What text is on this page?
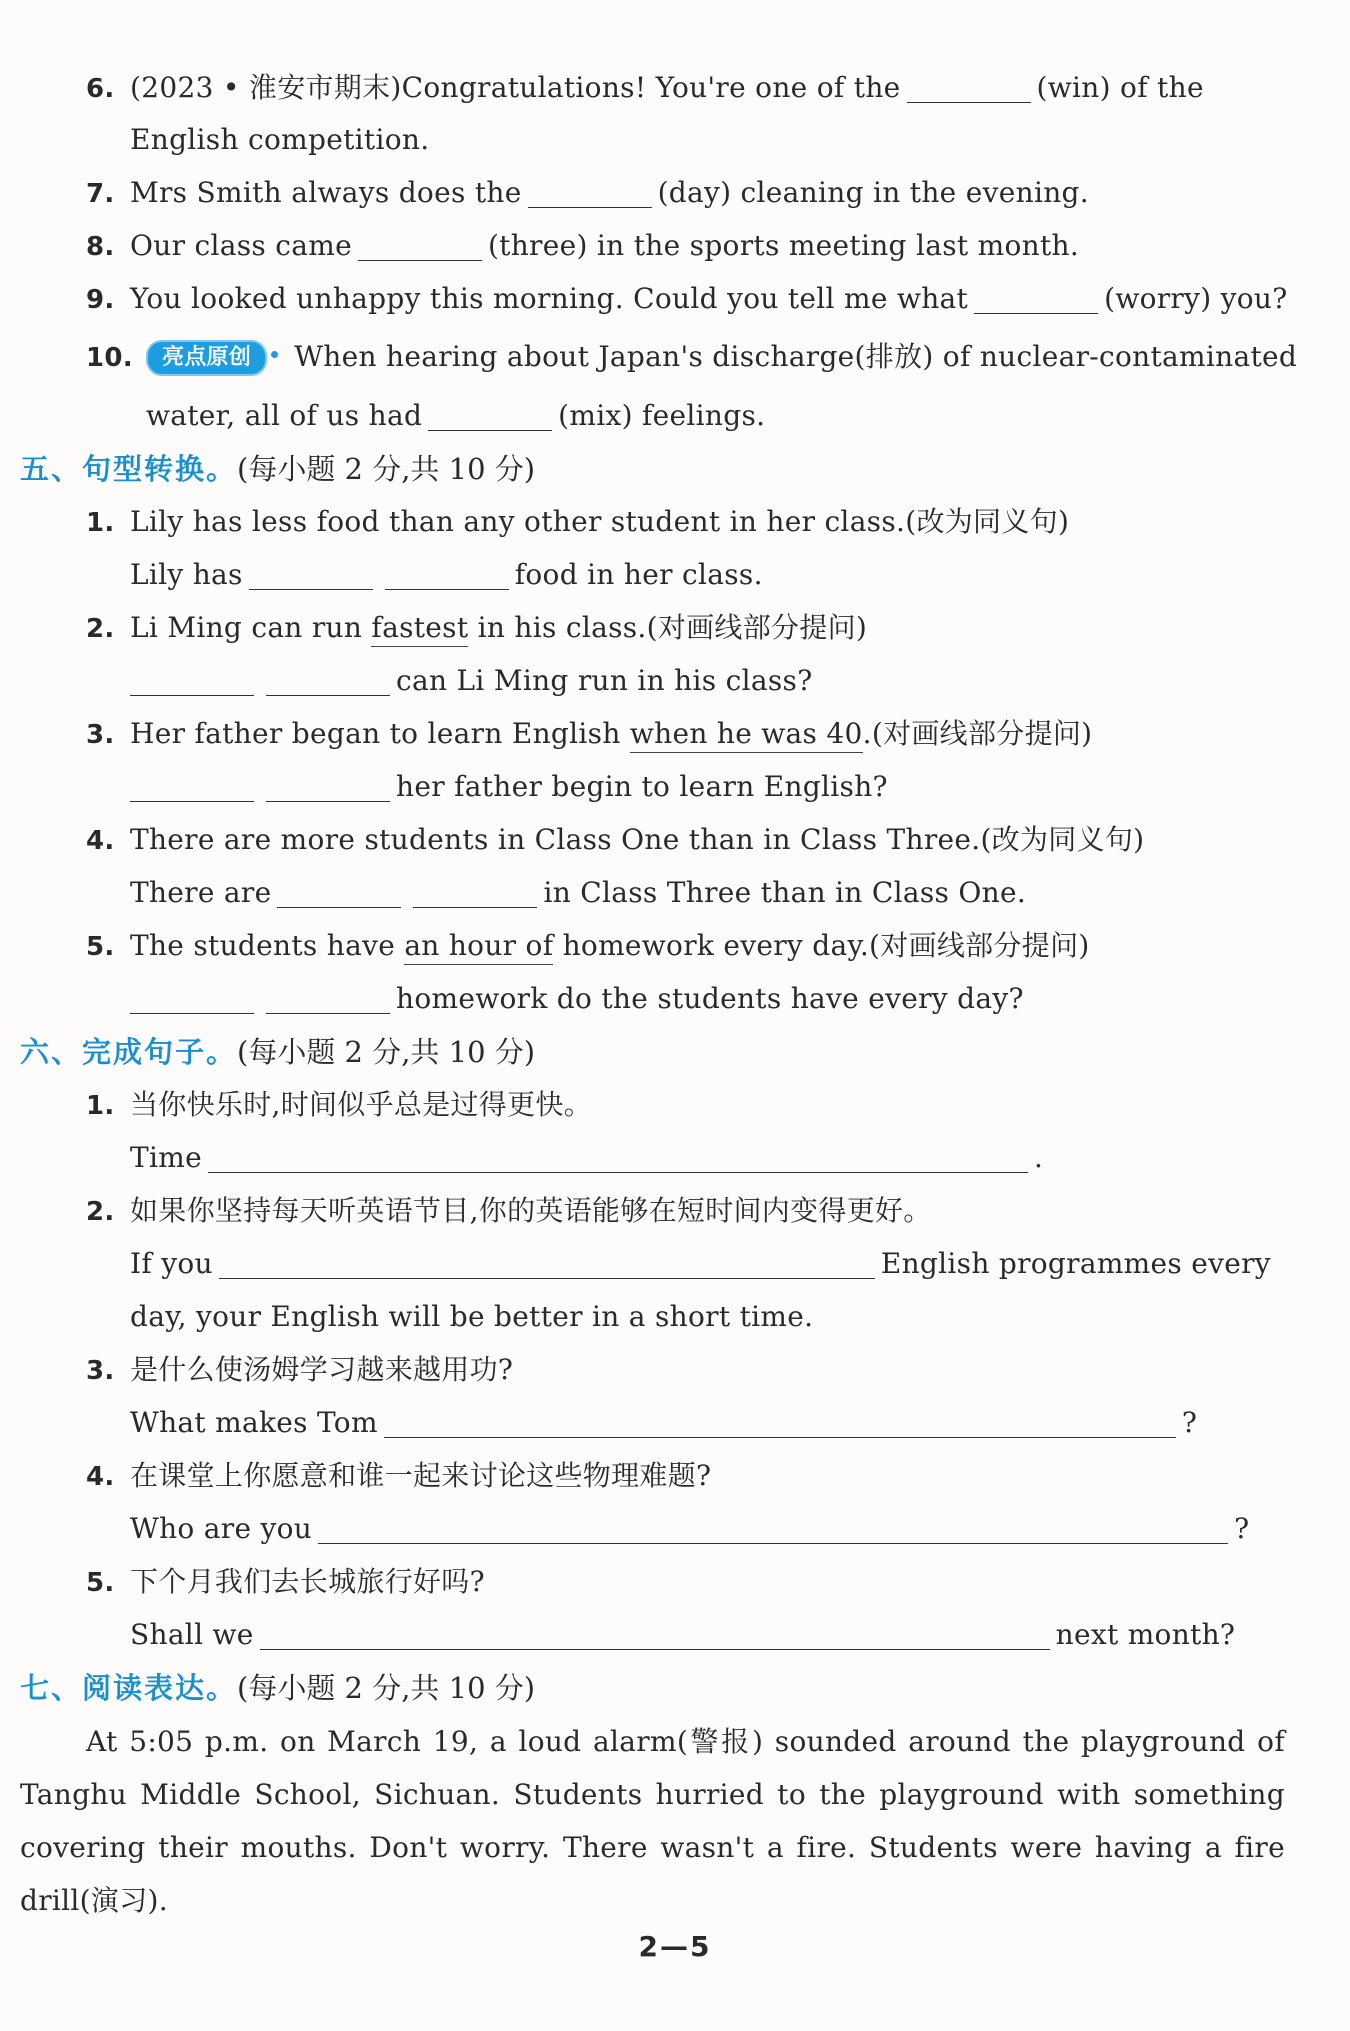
6. (2023 • 淮安市期末)Congratulations! You're one of the	(win) of the
English competition.
7. Mrs Smith always does the	(day) cleaning in the evening.
8. Our class came	(three) in the sports meeting last month.
9. You looked unhappy this morning. Could you tell me what	(worry) you?
10. 亮点原创 When hearing about Japan's discharge(排放) of nuclear-contaminated
water, all of us had	(mix) feelings.
五、句型转换。(每小题 2 分,共 10 分)
1. Lily has less food than any other student in her class.(改为同义句)
Lily has	food in her class.
2. Li Ming can run fastest in his class.(对画线部分提问)
can Li Ming run in his class?
3. Her father began to learn English when he was 40.(对画线部分提问)
her father begin to learn English?
4. There are more students in Class One than in Class Three.(改为同义句)
There are	in Class Three than in Class One.
5. The students have an hour of homework every day.(对画线部分提问)
homework do the students have every day?
六、完成句子。(每小题 2 分,共 10 分)
1. 当你快乐时,时间似乎总是过得更快。
Time	.
2. 如果你坚持每天听英语节目,你的英语能够在短时间内变得更好。
If you	English programmes every
day, your English will be better in a short time.
3. 是什么使汤姆学习越来越用功?
What makes Tom	?
4. 在课堂上你愿意和谁一起来讨论这些物理难题?
Who are you	?
5. 下个月我们去长城旅行好吗?
Shall we	next month?
七、阅读表达。(每小题 2 分,共 10 分)
At 5:05 p.m. on March 19, a loud alarm(警报) sounded around the playground of
Tanghu Middle School, Sichuan. Students hurried to the playground with something
covering their mouths. Don't worry. There wasn't a fire. Students were having a fire
drill(演习).
2—5
